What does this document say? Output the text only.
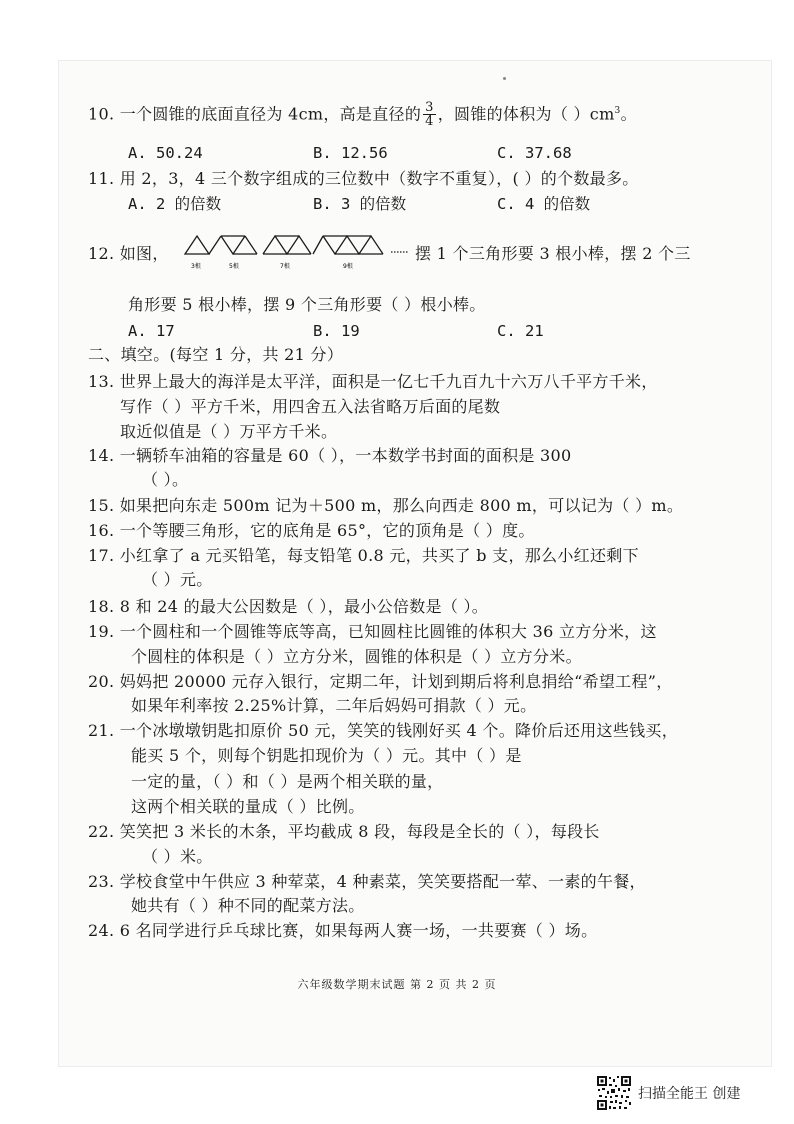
10. 一个圆锥的底面直径为 4cm，高是直径的 $\frac{3}{4}$ ，圆锥的体积为（ ）$cm^3$。
A. 50.24	B. 12.56	C. 37.68
11. 用 2，3，4 三个数字组成的三位数中（数字不重复），( ）的个数最多。
A. 2 的倍数	B. 3 的倍数	C. 4 的倍数
12. 如图，
3根	5根	7根	9根
摆 1 个三角形要 3 根小棒，摆 2 个三
角形要 5 根小棒，摆 9 个三角形要（ ）根小棒。
A. 17	B. 19	C. 21
二、填空。(每空 1 分，共 21 分）
13. 世界上最大的海洋是太平洋，面积是一亿七千九百九十六万八千平方千米，
写作（ ）平方千米，用四舍五入法省略万后面的尾数
取近似值是（ ）万平方千米。
14. 一辆轿车油箱的容量是 60（ ），一本数学书封面的面积是 300
（ ）。
15. 如果把向东走 500m 记为＋500 m，那么向西走 800 m，可以记为（ ）m。
16. 一个等腰三角形，它的底角是 65°，它的顶角是（ ）度。
17. 小红拿了 a 元买铅笔，每支铅笔 0.8 元，共买了 b 支，那么小红还剩下
（ ）元。
18. 8 和 24 的最大公因数是（ ），最小公倍数是（ ）。
19. 一个圆柱和一个圆锥等底等高，已知圆柱比圆锥的体积大 36 立方分米，这
个圆柱的体积是（ ）立方分米，圆锥的体积是（ ）立方分米。
20. 妈妈把 20000 元存入银行，定期二年，计划到期后将利息捐给“希望工程”，
如果年利率按 2.25%计算，二年后妈妈可捐款（ ）元。
21. 一个冰墩墩钥匙扣原价 50 元，笑笑的钱刚好买 4 个。降价后还用这些钱买，
能买 5 个，则每个钥匙扣现价为（ ）元。其中（ ）是
一定的量，（ ）和（ ）是两个相关联的量，
这两个相关联的量成（ ）比例。
22. 笑笑把 3 米长的木条，平均截成 8 段，每段是全长的（ ），每段长
（ ）米。
23. 学校食堂中午供应 3 种荤菜，4 种素菜，笑笑要搭配一荤、一素的午餐，
她共有（ ）种不同的配菜方法。
24. 6 名同学进行乒乓球比赛，如果每两人赛一场，一共要赛（ ）场。
六年级数学期末试题 第 2 页 共 2 页
扫描全能王 创建
